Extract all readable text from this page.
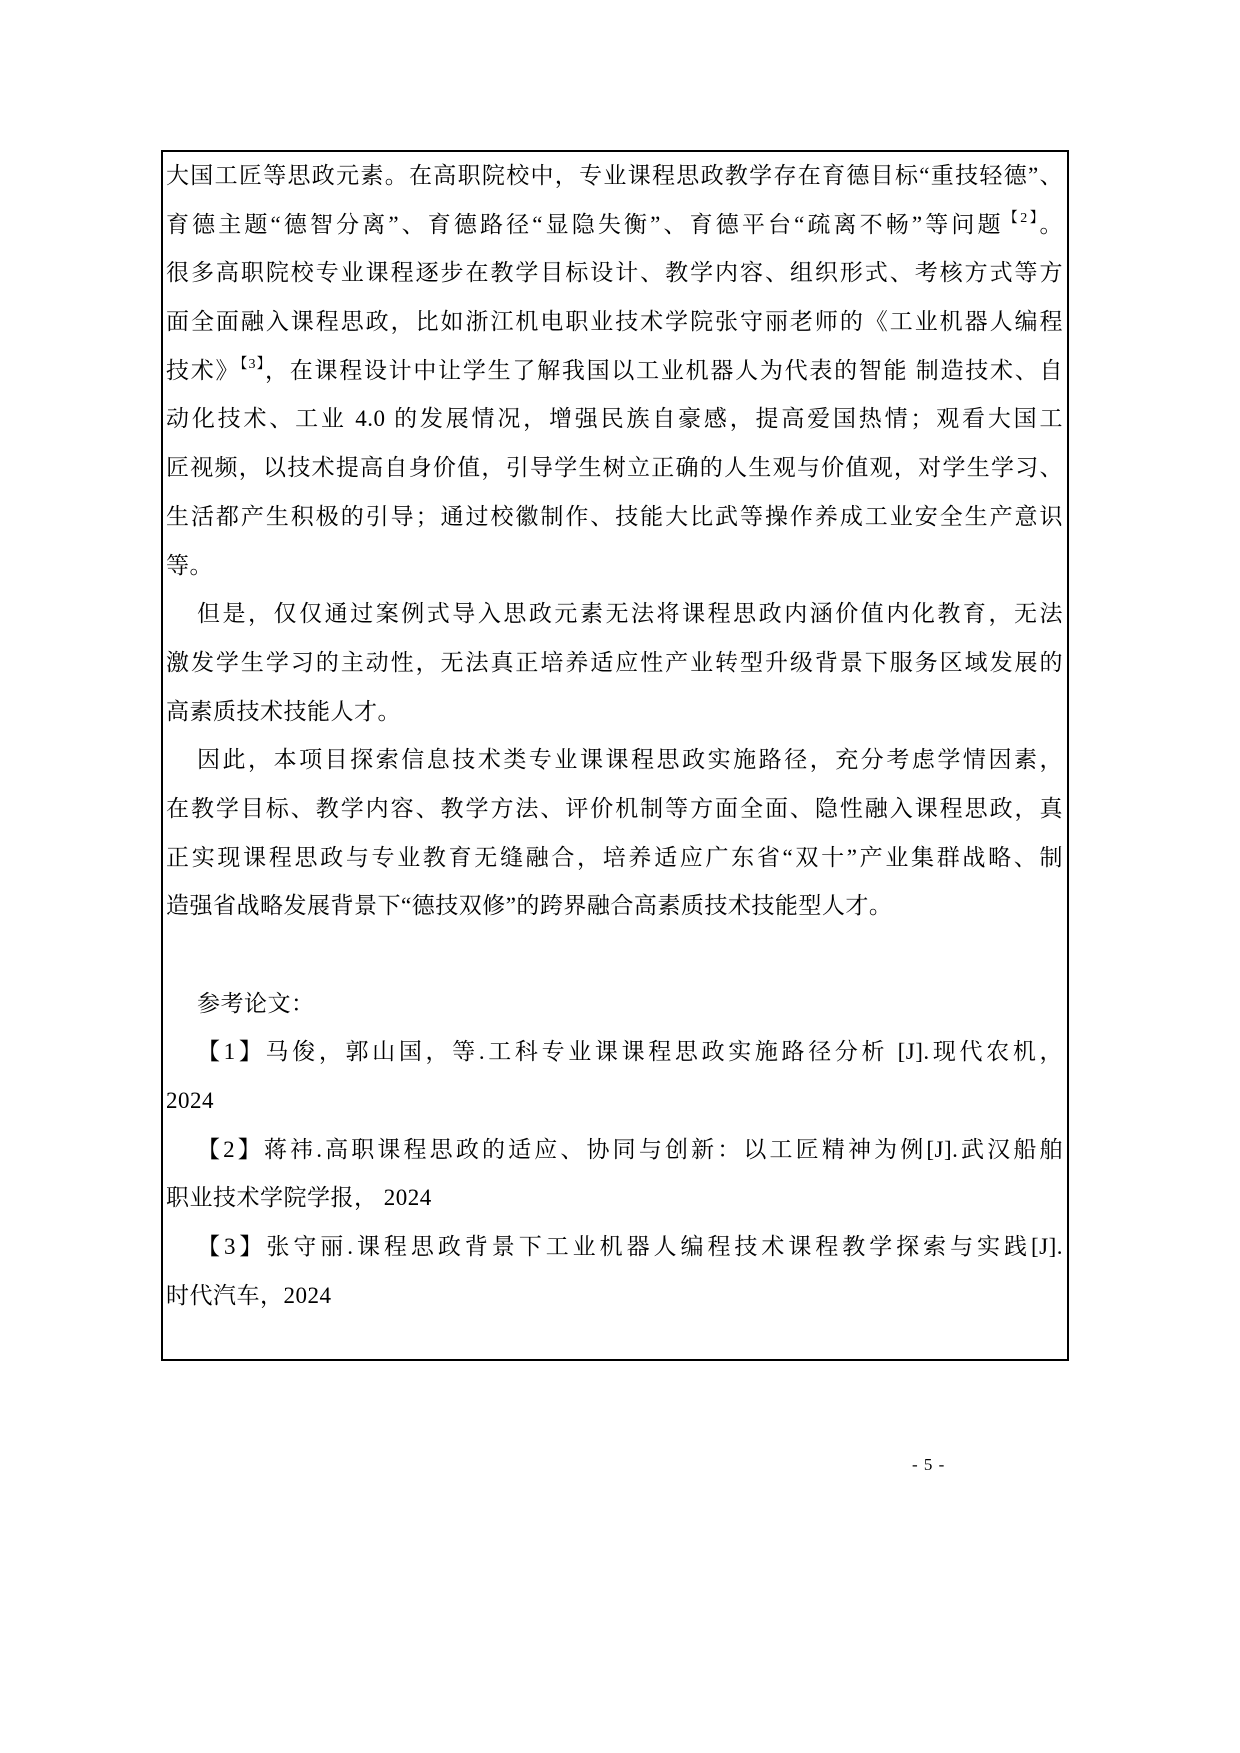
大国工匠等思政元素。在高职院校中，专业课程思政教学存在育德目标“重技轻德”、
育德主题“德智分离”、育德路径“显隐失衡”、育德平台“疏离不畅”等问题$^{【2】}$。
很多高职院校专业课程逐步在教学目标设计、教学内容、组织形式、考核方式等方
面全面融入课程思政，比如浙江机电职业技术学院张守丽老师的《工业机器人编程
技术》$^{【3】}$，在课程设计中让学生了解我国以工业机器人为代表的智能 制造技术、自
动化技术、工业 4.0 的发展情况，增强民族自豪感，提高爱国热情；观看大国工
匠视频，以技术提高自身价值，引导学生树立正确的人生观与价值观，对学生学习、
生活都产生积极的引导；通过校徽制作、技能大比武等操作养成工业安全生产意识
等。
但是，仅仅通过案例式导入思政元素无法将课程思政内涵价值内化教育，无法
激发学生学习的主动性，无法真正培养适应性产业转型升级背景下服务区域发展的
高素质技术技能人才。
因此，本项目探索信息技术类专业课课程思政实施路径，充分考虑学情因素，
在教学目标、教学内容、教学方法、评价机制等方面全面、隐性融入课程思政，真
正实现课程思政与专业教育无缝融合，培养适应广东省“双十”产业集群战略、制
造强省战略发展背景下“德技双修”的跨界融合高素质技术技能型人才。
参考论文：
【1】马俊，郭山国，等.工科专业课课程思政实施路径分析 [J].现代农机，
2024
【2】蒋祎.高职课程思政的适应、协同与创新：以工匠精神为例[J].武汉船舶
职业技术学院学报， 2024
【3】张守丽.课程思政背景下工业机器人编程技术课程教学探索与实践[J].
时代汽车，2024
- 5 -
